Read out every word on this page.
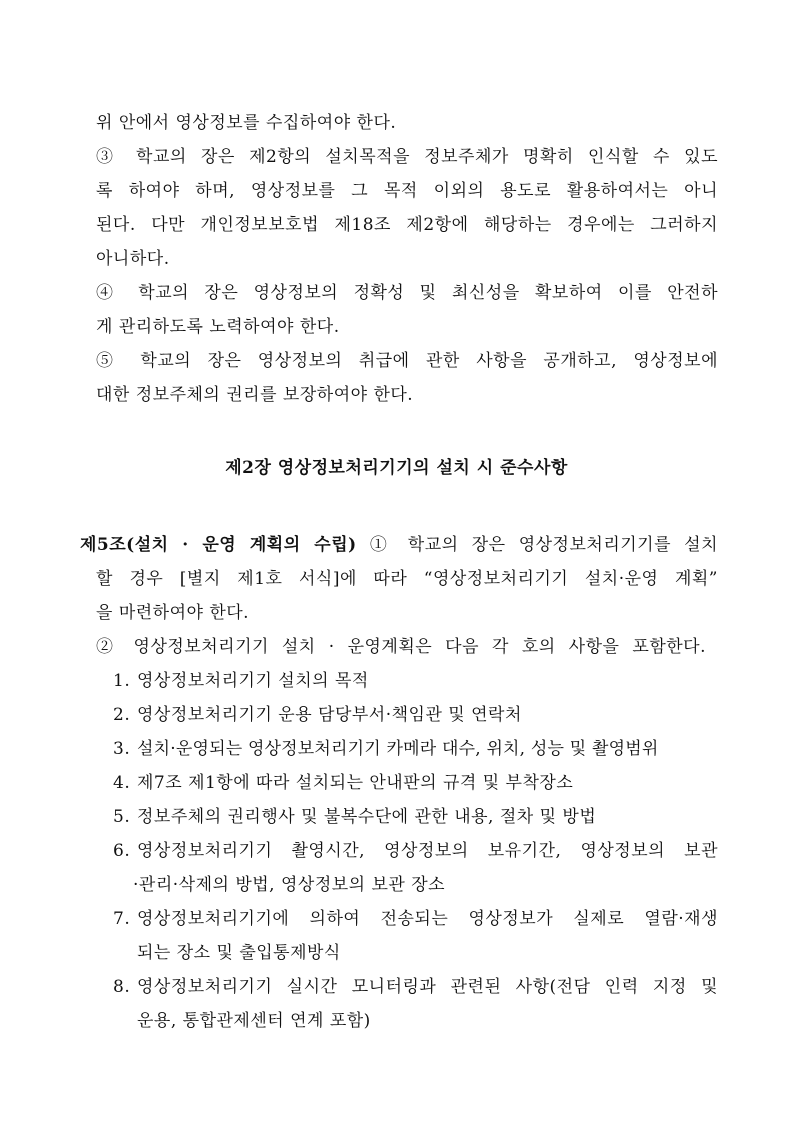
위 안에서 영상정보를 수집하여야 한다.
③ 학교의 장은 제2항의 설치목적을 정보주체가 명확히 인식할 수 있도
록 하여야 하며, 영상정보를 그 목적 이외의 용도로 활용하여서는 아니
된다. 다만 개인정보보호법 제18조 제2항에 해당하는 경우에는 그러하지
아니하다.
④ 학교의 장은 영상정보의 정확성 및 최신성을 확보하여 이를 안전하
게 관리하도록 노력하여야 한다.
⑤ 학교의 장은 영상정보의 취급에 관한 사항을 공개하고, 영상정보에
대한 정보주체의 권리를 보장하여야 한다.
제2장 영상정보처리기기의 설치 시 준수사항
제5조(설치 · 운영 계획의 수립) ① 학교의 장은 영상정보처리기기를 설치
할 경우 [별지 제1호 서식]에 따라 “영상정보처리기기 설치·운영 계획”
을 마련하여야 한다.
② 영상정보처리기기 설치 · 운영계획은 다음 각 호의 사항을 포함한다.
1. 영상정보처리기기 설치의 목적
2. 영상정보처리기기 운용 담당부서·책임관 및 연락처
3. 설치·운영되는 영상정보처리기기 카메라 대수, 위치, 성능 및 촬영범위
4. 제7조 제1항에 따라 설치되는 안내판의 규격 및 부착장소
5. 정보주체의 권리행사 및 불복수단에 관한 내용, 절차 및 방법
6. 영상정보처리기기 촬영시간, 영상정보의 보유기간, 영상정보의 보관
·관리·삭제의 방법, 영상정보의 보관 장소
7. 영상정보처리기기에 의하여 전송되는 영상정보가 실제로 열람·재생
되는 장소 및 출입통제방식
8. 영상정보처리기기 실시간 모니터링과 관련된 사항(전담 인력 지정 및
운용, 통합관제센터 연계 포함)
